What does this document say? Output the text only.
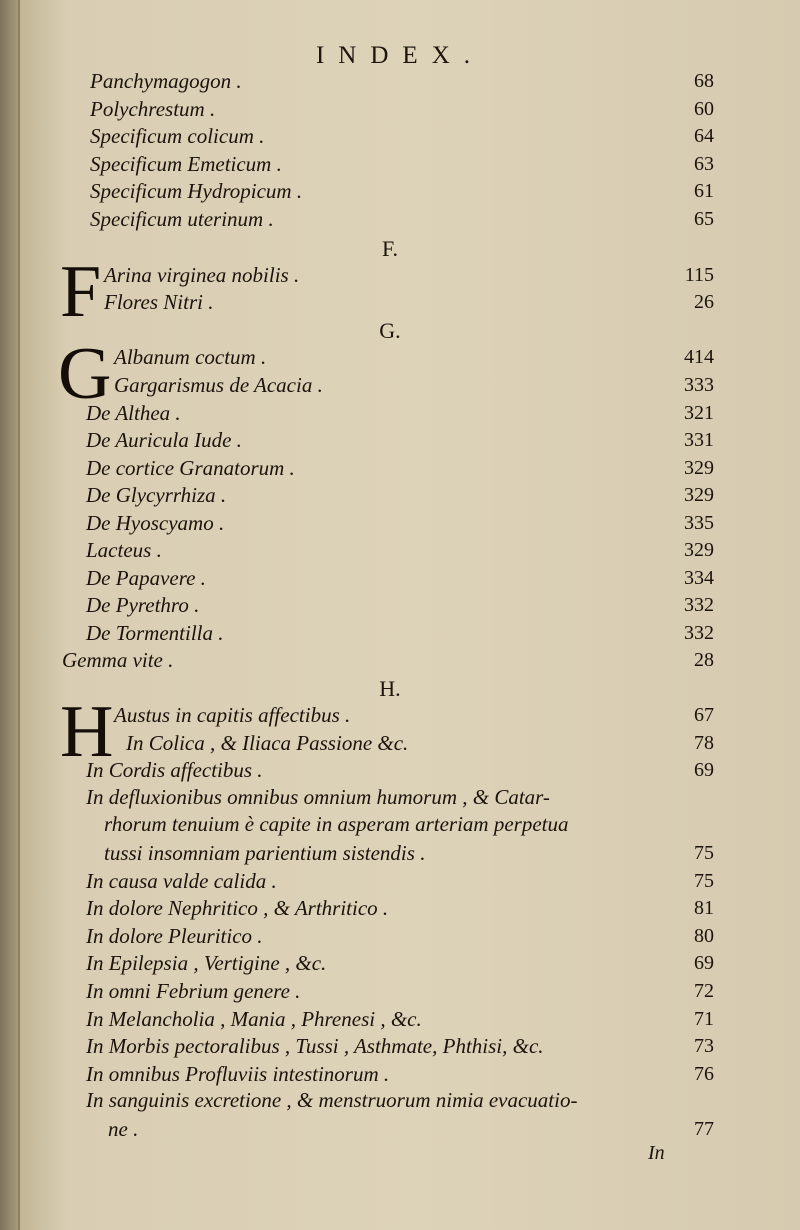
INDEX.
Panchymagogon .	68
Polychrestum .	60
Specificum colicum .	64
Specificum Emeticum .	63
Specificum Hydropicum .	61
Specificum uterinum .	65
F.
F Arina virginea nobilis .	115
Flores Nitri .	26
G.
G Albanum coctum .	414
Gargarismus de Acacia .	333
De Althea .	321
De Auricula Iude .	331
De cortice Granatorum .	329
De Glycyrrhiza .	329
De Hyoscyamo .	335
Lacteus .	329
De Papavere .	334
De Pyrethro .	332
De Tormentilla .	332
Gemma vite .	28
H.
H Austus in capitis affectibus .	67
In Colica , & Iliaca Passione &c.	78
In Cordis affectibus .	69
In defluxionibus omnibus omnium humorum , & Catar-
rhorum tenuium è capite in asperam arteriam perpetua
tussi insomniam parientium sistendis .	75
In causa valde calida .	75
In dolore Nephritico , & Arthritico .	81
In dolore Pleuritico .	80
In Epilepsia , Vertigine , &c.	69
In omni Febrium genere .	72
In Melancholia , Mania , Phrenesi , &c.	71
In Morbis pectoralibus , Tussi , Asthmate, Phthisi, &c.	73
In omnibus Profluviis intestinorum .	76
In sanguinis excretione , & menstruorum nimia evacuatio-
ne .	77
In
